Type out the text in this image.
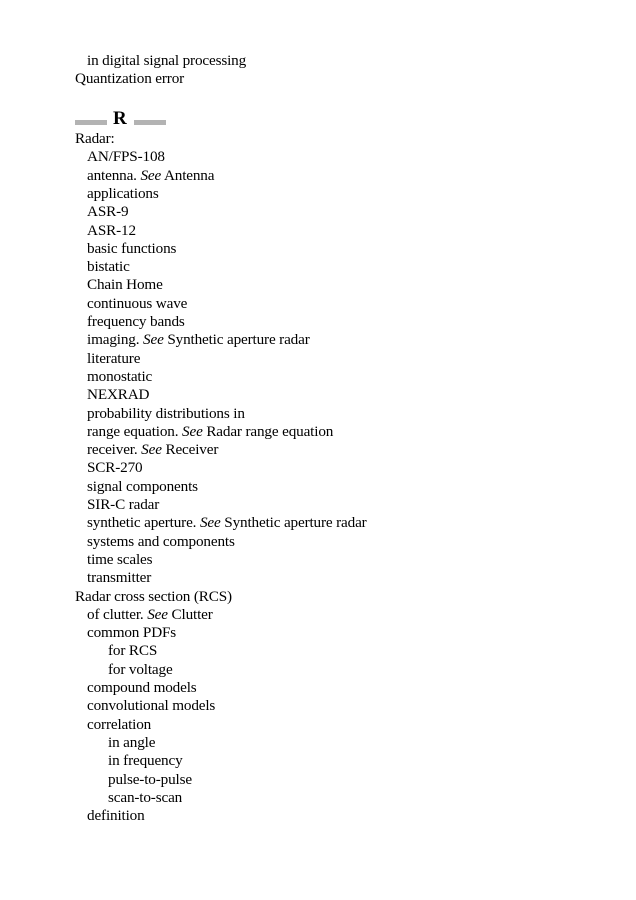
in digital signal processing
Quantization error
R
Radar:
AN/FPS-108
antenna. See Antenna
applications
ASR-9
ASR-12
basic functions
bistatic
Chain Home
continuous wave
frequency bands
imaging. See Synthetic aperture radar
literature
monostatic
NEXRAD
probability distributions in
range equation. See Radar range equation
receiver. See Receiver
SCR-270
signal components
SIR-C radar
synthetic aperture. See Synthetic aperture radar
systems and components
time scales
transmitter
Radar cross section (RCS)
of clutter. See Clutter
common PDFs
for RCS
for voltage
compound models
convolutional models
correlation
in angle
in frequency
pulse-to-pulse
scan-to-scan
definition
